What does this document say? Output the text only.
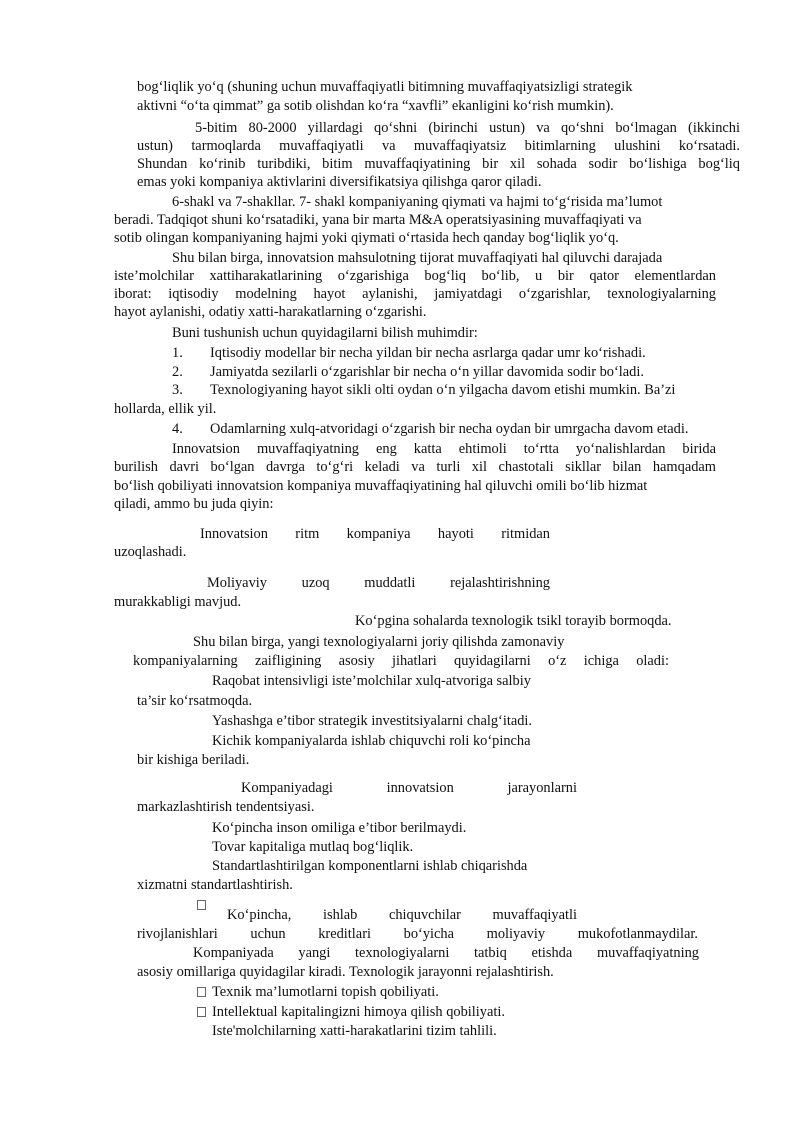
bog‘liqlik yo‘q (shuning uchun muvaffaqiyatli bitimning muvaffaqiyatsizligi strategik
aktivni “o‘ta qimmat” ga sotib olishdan ko‘ra “xavfli” ekanligini ko‘rish mumkin).
5-bitim 80-2000 yillardagi qo‘shni (birinchi ustun) va qo‘shni bo‘lmagan (ikkinchi
ustun) tarmoqlarda muvaffaqiyatli va muvaffaqiyatsiz bitimlarning ulushini ko‘rsatadi.
Shundan ko‘rinib turibdiki, bitim muvaffaqiyatining bir xil sohada sodir bo‘lishiga bog‘liq
emas yoki kompaniya aktivlarini diversifikatsiya qilishga qaror qiladi.
6-shakl va 7-shakllar. 7- shakl kompaniyaning qiymati va hajmi to‘g‘risida ma’lumot
beradi. Tadqiqot shuni ko‘rsatadiki, yana bir marta M&A operatsiyasining muvaffaqiyati va
sotib olingan kompaniyaning hajmi yoki qiymati o‘rtasida hech qanday bog‘liqlik yo‘q.
Shu bilan birga, innovatsion mahsulotning tijorat muvaffaqiyati hal qiluvchi darajada
iste’molchilar xattiharakatlarining o‘zgarishiga bog‘liq bo‘lib, u bir qator elementlardan
iborat: iqtisodiy modelning hayot aylanishi, jamiyatdagi o‘zgarishlar, texnologiyalarning
hayot aylanishi, odatiy xatti-harakatlarning o‘zgarishi.
Buni tushunish uchun quyidagilarni bilish muhimdir:
1. Iqtisodiy modellar bir necha yildan bir necha asrlarga qadar umr ko‘rishadi.
2. Jamiyatda sezilarli o‘zgarishlar bir necha o‘n yillar davomida sodir bo‘ladi.
3. Texnologiyaning hayot sikli olti oydan o‘n yilgacha davom etishi mumkin. Ba’zi
hollarda, ellik yil.
4. Odamlarning xulq-atvoridagi o‘zgarish bir necha oydan bir umrgacha davom etadi.
Innovatsion muvaffaqiyatning eng katta ehtimoli to‘rtta yo‘nalishlardan birida
burilish davri bo‘lgan davrga to‘g‘ri keladi va turli xil chastotali sikllar bilan hamqadam
bo‘lish qobiliyati innovatsion kompaniya muvaffaqiyatining hal qiluvchi omili bo‘lib hizmat
qiladi, ammo bu juda qiyin:
Innovatsion ritm kompaniya hayoti ritmidan
uzoqlashadi.
Moliyaviy uzoq muddatli rejalashtirishning
murakkabligi mavjud.
Ko‘pgina sohalarda texnologik tsikl torayib bormoqda.
Shu bilan birga, yangi texnologiyalarni joriy qilishda zamonaviy
kompaniyalarning zaifligining asosiy jihatlari quyidagilarni o‘z ichiga oladi:
Raqobat intensivligi iste’molchilar xulq-atvoriga salbiy
ta’sir ko‘rsatmoqda.
Yashashga e’tibor strategik investitsiyalarni chalg‘itadi.
Kichik kompaniyalarda ishlab chiquvchi roli ko‘pincha
bir kishiga beriladi.
Kompaniyadagi innovatsion jarayonlarni
markazlashtirish tendentsiyasi.
Ko‘pincha inson omiliga e’tibor berilmaydi.
Tovar kapitaliga mutlaq bog‘liqlik.
Standartlashtirilgan komponentlarni ishlab chiqarishda
xizmatni standartlashtirish.
Ko‘pincha, ishlab chiquvchilar muvaffaqiyatli
rivojlanishlari uchun kreditlari bo‘yicha moliyaviy mukofotlanmaydilar.
Kompaniyada yangi texnologiyalarni tatbiq etishda muvaffaqiyatning
asosiy omillariga quyidagilar kiradi. Texnologik jarayonni rejalashtirish.
Texnik ma’lumotlarni topish qobiliyati.
Intellektual kapitalingizni himoya qilish qobiliyati.
Iste'molchilarning xatti-harakatlarini tizim tahlili.
